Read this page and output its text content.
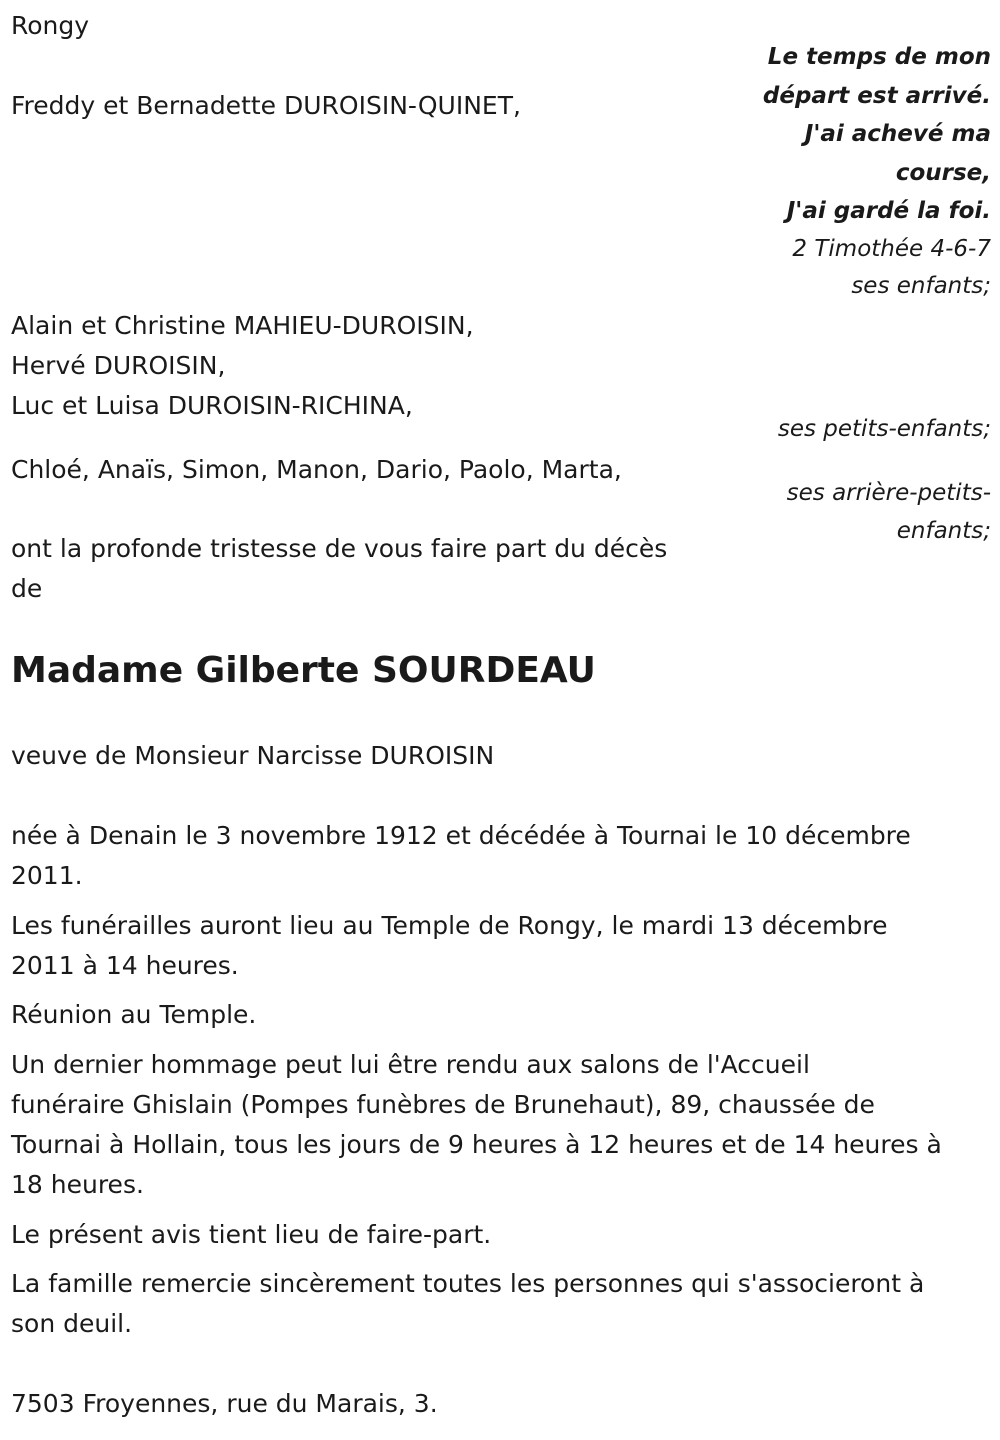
Rongy

Le temps de mon
départ est arrivé.
J'ai achevé ma
course,
J'ai gardé la foi.
2 Timothée 4-6-7

Freddy et Bernadette DUROISIN-QUINET,

ses enfants;

Alain et Christine MAHIEU-DUROISIN,

Hervé DUROISIN,

Luc et Luisa DUROISIN-RICHINA,

ses petits-enfants;

Chloé, Anaïs, Simon, Manon, Dario, Paolo, Marta,

ses arrière-petits-
enfants;

ont la profonde tristesse de vous faire part du décès

de

Madame Gilberte SOURDEAU

veuve de Monsieur Narcisse DUROISIN

née à Denain le 3 novembre 1912 et décédée à Tournai le 10 décembre

2011.

Les funérailles auront lieu au Temple de Rongy, le mardi 13 décembre

2011 à 14 heures.

Réunion au Temple.

Un dernier hommage peut lui être rendu aux salons de l'Accueil

funéraire Ghislain (Pompes funèbres de Brunehaut), 89, chaussée de

Tournai à Hollain, tous les jours de 9 heures à 12 heures et de 14 heures à

18 heures.

Le présent avis tient lieu de faire-part.

La famille remercie sincèrement toutes les personnes qui s'associeront à

son deuil.

7503 Froyennes, rue du Marais, 3.
